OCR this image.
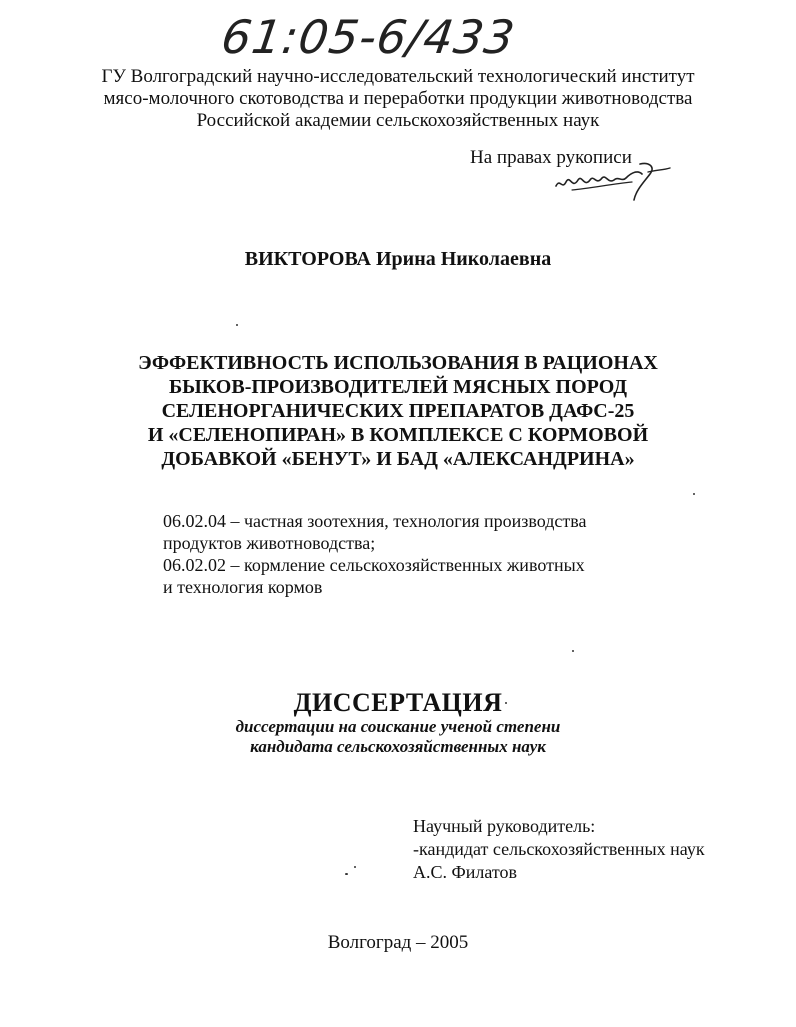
61:05-6/433
ГУ Волгоградский научно-исследовательский технологический институт
мясо-молочного скотоводства и переработки продукции животноводства
Российской академии сельскохозяйственных наук
На правах рукописи
ВИКТОРОВА Ирина Николаевна
ЭФФЕКТИВНОСТЬ ИСПОЛЬЗОВАНИЯ В РАЦИОНАХ
БЫКОВ-ПРОИЗВОДИТЕЛЕЙ МЯСНЫХ ПОРОД
СЕЛЕНОРГАНИЧЕСКИХ ПРЕПАРАТОВ ДАФС-25
И «СЕЛЕНОПИРАН» В КОМПЛЕКСЕ С КОРМОВОЙ
ДОБАВКОЙ «БЕНУТ» И БАД «АЛЕКСАНДРИНА»
06.02.04 – частная зоотехния, технология производства
продуктов животноводства;
06.02.02 – кормление сельскохозяйственных животных
и технология кормов
ДИССЕРТАЦИЯ
диссертации на соискание ученой степени
кандидата сельскохозяйственных наук
Научный руководитель:
-кандидат сельскохозяйственных наук
А.С. Филатов
Волгоград – 2005
